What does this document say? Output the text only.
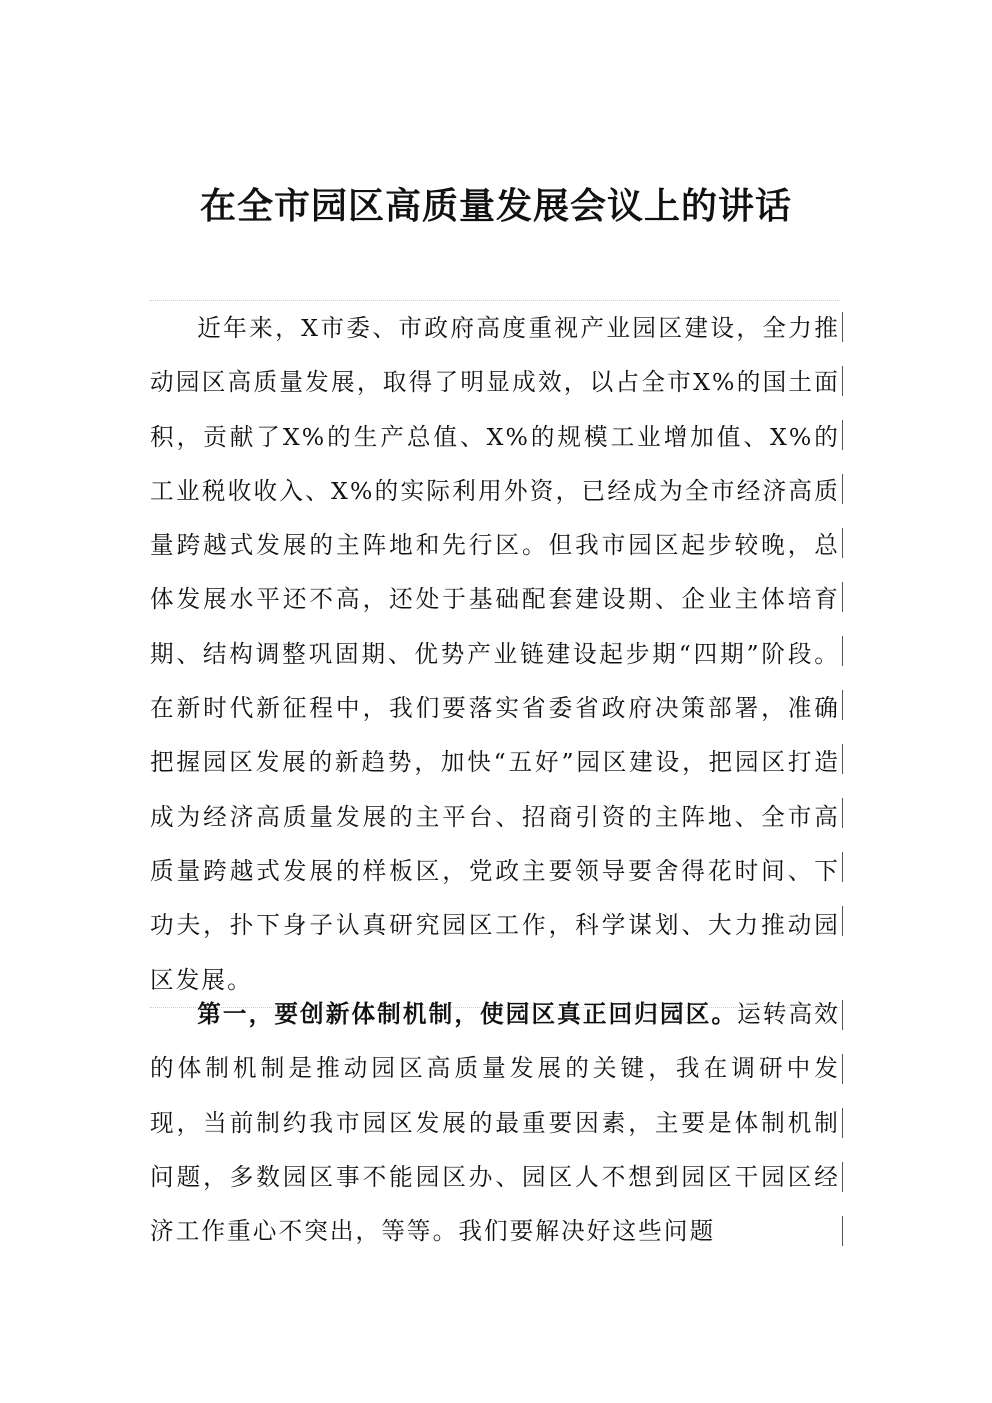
在全市园区高质量发展会议上的讲话

近年来，X市委、市政府高度重视产业园区建设，全力推动园区高质量发展，取得了明显成效，以占全市X%的国土面积，贡献了X%的生产总值、X%的规模工业增加值、X%的工业税收收入、X%的实际利用外资，已经成为全市经济高质量跨越式发展的主阵地和先行区。但我市园区起步较晚，总体发展水平还不高，还处于基础配套建设期、企业主体培育期、结构调整巩固期、优势产业链建设起步期“四期”阶段。在新时代新征程中，我们要落实省委省政府决策部署，准确把握园区发展的新趋势，加快“五好”园区建设，把园区打造成为经济高质量发展的主平台、招商引资的主阵地、全市高质量跨越式发展的样板区，党政主要领导要舍得花时间、下功夫，扑下身子认真研究园区工作，科学谋划、大力推动园区发展。

第一，要创新体制机制，使园区真正回归园区。运转高效的体制机制是推动园区高质量发展的关键，我在调研中发现，当前制约我市园区发展的最重要因素，主要是体制机制问题，多数园区事不能园区办、园区人不想到园区干园区经济工作重心不突出，等等。我们要解决好这些问题
